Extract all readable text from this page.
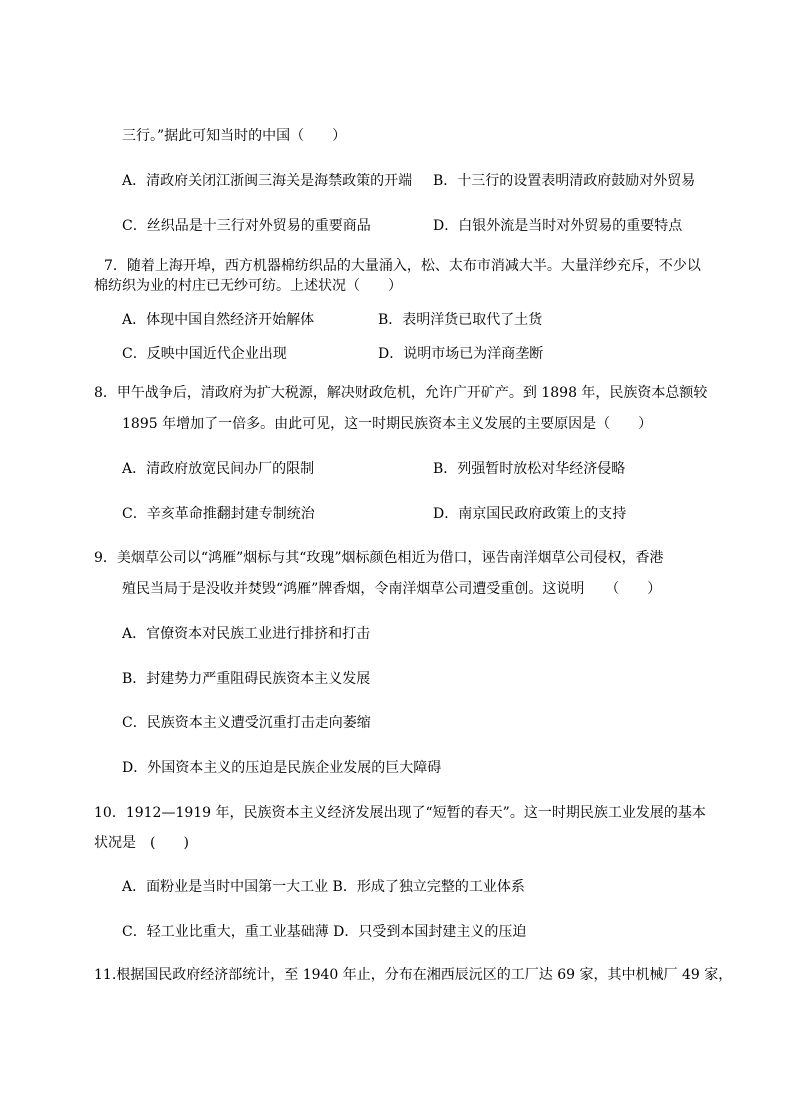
三行。”据此可知当时的中国（　　）
A．清政府关闭江浙闽三海关是海禁政策的开端 B．十三行的设置表明清政府鼓励对外贸易
C．丝织品是十三行对外贸易的重要商品	D．白银外流是当时对外贸易的重要特点
7．随着上海开埠，西方机器棉纺织品的大量涌入，松、太布市消减大半。大量洋纱充斥，不少以
棉纺织为业的村庄已无纱可纺。上述状况（　　）
A．体现中国自然经济开始解体	B．表明洋货已取代了土货
C．反映中国近代企业出现	D．说明市场已为洋商垄断
8．甲午战争后，清政府为扩大税源，解决财政危机，允许广开矿产。到 1898 年，民族资本总额较
1895 年增加了一倍多。由此可见，这一时期民族资本主义发展的主要原因是（　　）
A．清政府放宽民间办厂的限制	B．列强暂时放松对华经济侵略
C．辛亥革命推翻封建专制统治	D．南京国民政府政策上的支持
9．美烟草公司以“鸿雁”烟标与其“玫瑰”烟标颜色相近为借口，诬告南洋烟草公司侵权，香港
殖民当局于是没收并焚毁“鸿雁”牌香烟，令南洋烟草公司遭受重创。这说明　　（　　）
A．官僚资本对民族工业进行排挤和打击
B．封建势力严重阻碍民族资本主义发展
C．民族资本主义遭受沉重打击走向萎缩
D．外国资本主义的压迫是民族企业发展的巨大障碍
10．1912—1919 年，民族资本主义经济发展出现了“短暂的春天”。这一时期民族工业发展的基本
状况是　(　　)
A．面粉业是当时中国第一大工业 B．形成了独立完整的工业体系
C．轻工业比重大，重工业基础薄 D．只受到本国封建主义的压迫
11.根据国民政府经济部统计，至 1940 年止，分布在湘西辰沅区的工厂达 69 家，其中机械厂 49 家，
